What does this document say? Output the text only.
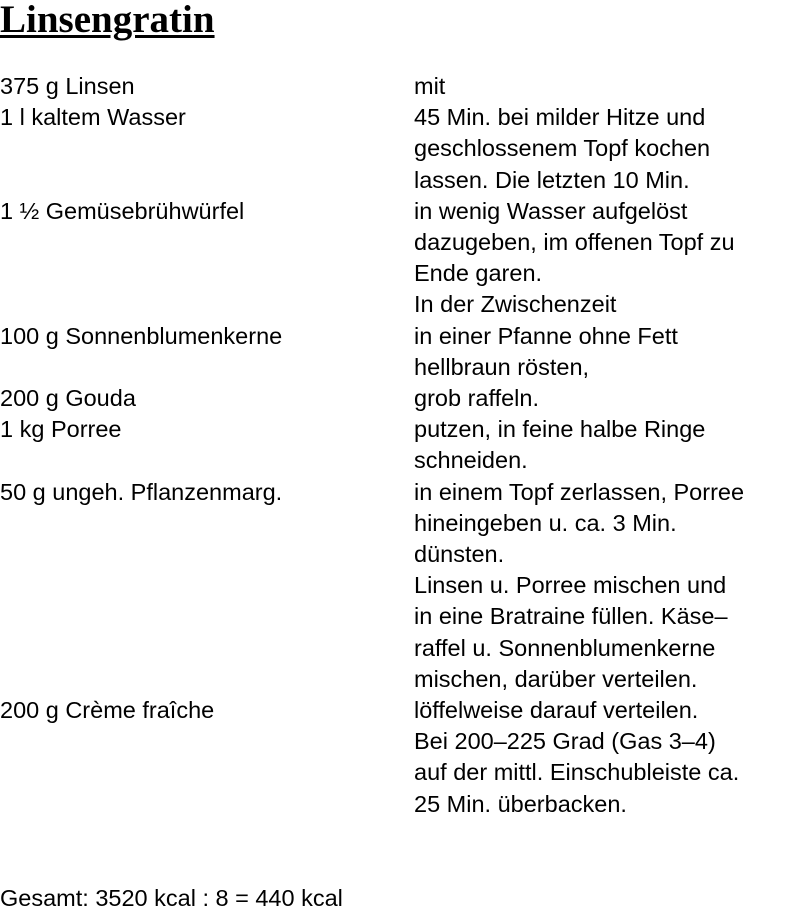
Linsengratin
375 g Linsen	mit
1 l kaltem Wasser	45 Min. bei milder Hitze und
geschlossenem Topf kochen
lassen. Die letzten 10 Min.
1 ½ Gemüsebrühwürfel	in wenig Wasser aufgelöst
dazugeben, im offenen Topf zu
Ende garen.
In der Zwischenzeit
100 g Sonnenblumenkerne	in einer Pfanne ohne Fett
hellbraun rösten,
200 g Gouda	grob raffeln.
1 kg Porree	putzen, in feine halbe Ringe
schneiden.
50 g ungeh. Pflanzenmarg.	in einem Topf zerlassen, Porree
hineingeben u. ca. 3 Min.
dünsten.
Linsen u. Porree mischen und
in eine Bratraine füllen. Käse–
raffel u. Sonnenblumenkerne
mischen, darüber verteilen.
200 g Crème fraîche	löffelweise darauf verteilen.
Bei 200–225 Grad (Gas 3–4)
auf der mittl. Einschubleiste ca.
25 Min. überbacken.
Gesamt: 3520 kcal : 8 = 440 kcal
